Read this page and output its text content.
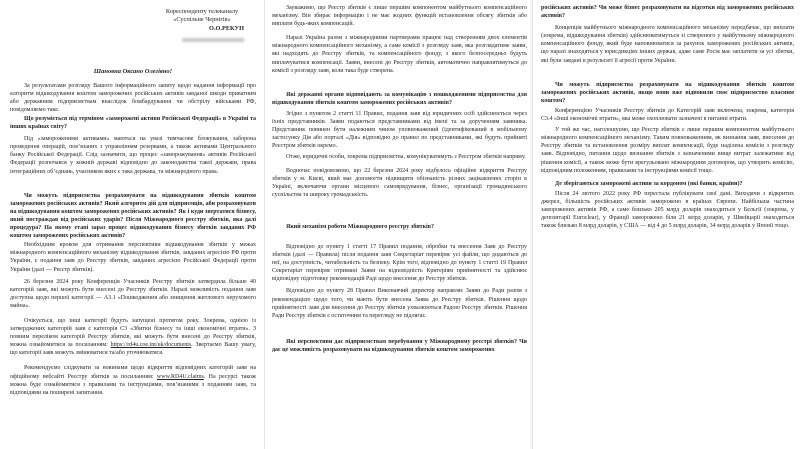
Кореспонденту телеканалу
«Суспільне Чернігів»
О.О.РЕКУН

Шановна Оксано Олегівно!

За результатами розгляду Вашого інформаційного запиту щодо надання інформації про алгоритм відшкодування коштом заморожених російських активів завданої шкоди приватним або державним підприємствам внаслідок бомбардування чи обстрілу військами РФ, повідомляємо таке.

Що розуміється під терміном «заморожені активи Російської Федерації» в Україні та інших країнах світу?

Під «замороженими активами» маються на увазі тимчасове блокування, заборона проведення операцій, пов’язаних з управлінням резервами, а також активами Центрального банку Російської Федерації. Слід зазначити, що процес «заморожування» активів Російської Федерації розпочався у кожній державі відповідно до законодавства такої держави, права інтеграційних об’єднань, учасником яких є така держава, та міжнародного права.

Чи можуть підприємства розраховувати на відшкодування збитків коштом заморожених російських активів? Який алгоритм дій для підприємців, аби розраховувати на відшкодування коштом заморожених російських активів? Як і куди звертатися бізнесу, який постраждав від російських ударів? Після Міжнародного реєстру збитків, яка далі процедура? На якому етапі зараз процес відшкодування бізнесу збитків завданих РФ коштом заморожених російських активів?

Необхідним кроком для отримання перспективи відшкодування збитків у межах міжнародного компенсаційного механізму відшкодування збитків, завданих агресією РФ проти України, є подання заяв до Реєстру збитків, завданих агресією Російської Федерації проти України (далі — Реєстр збитків).

26 березня 2024 року Конференція Учасників Реєстру збитків затвердила більше 40 категорій заяв, які можуть бути внесені до Реєстру збитків. Наразі можливість подання заяв доступна щодо першої категорії — А3.1 «Пошкодження або знищення житлового нерухомого майна».

Очікується, що інші категорії будуть запущені протягом року. Зокрема, однією із затверджених категорій заяв є категорія С3 «Збитки бізнесу та інші економічні втрати». З повним переліком категорій Реєстру збитків, які можуть бути внесені до Реєстру збитків, можна ознайомитися за посиланням: https://rd4u.coe.int/uk/documents. Звертаємо Вашу увагу, що категорії заяв можуть змінюватися та/або уточнюватися.

Рекомендуємо слідкувати за новинами щодо відкриття відповідних категорій заяв на офіційному вебсайті Реєстру збитків за посиланням: www.RD4U.claims. На ресурсі також можна буде ознайомитися з правилами та інструкціями, пов’язаними з поданням заяв, та відповідями на поширені запитання.

Зауважимо, що Реєстр збитків є лише першим компонентом майбутнього компенсаційного механізму. Він збирає інформацію і не має жодних функцій встановлення обсягу збитків або виплати будь-яких компенсацій.

Наразі Україна разом з міжнародними партнерами працює над створенням двох елементів міжнародного компенсаційного механізму, а саме комісії з розгляду заяв, яка розглядатиме заяви, які надходять до Реєстру збитків, та компенсаційного фонду, з якого безпосередньо будуть виплачуватися компенсації. Заяви, внесені до Реєстру збитків, автоматично направлятимуться до комісії з розгляду заяв, коли така буде створена.

Які державні органи відповідають за комунікацію з пошкодженими підприємства для відшкодування збитків коштом заморожених російських активів?

Згідно з пунктом 2 статті 11 Правил, подання заяв від юридичних осіб здійснюється через їхніх представників. Заяви подаються представниками від імені та за дорученням заявника. Представник повинен бути належним чином уповноважений (ідентифікований в мобільному застосунку Дія або порталі «Дія» відповідно до правил по представниками, які будуть прийняті Реєстром збитків окремо.

Отже, юридичні особи, зокрема підприємства, комунікуватимуть з Реєстром збитків напряму.

Водночас повідомляємо, що 22 березня 2024 року відбулось офіційне відкриття Реєстру збитків у м. Києві, який має допомогти підвищити обізнаність різних зацікавлених сторін в Україні, включаючи органи місцевого самоврядування, бізнес, організації громадянського суспільства та широку громадськість.

Який механізм роботи Міжнародного реєстру збитків?

Відповідно до пункту 1 статті 17 Правил подання, обробки та внесення Заяв до Реєстру збитків (далі — Правила) після подання заяв Секретаріат перевіряє усі файли, що додаються до неї, на доступність, читабельність та безпеку. Крім того, відповідно до пункту 1 статті 19 Правил Секретаріат перевіряє отримані Заяви на відповідність Критеріям прийнятності та здійснює відповідну підготовку рекомендацій Раді щодо внесення до Реєстру збитків.

Відповідно до пункту 28 Правил Виконавчий директор направляє Заяви до Ради разом з рекомендацією щодо того, чи мають бути внесена Заява до Реєстру збитків. Рішення щодо прийнятності заяв для внесення до Реєстру збитків ухвалюються Радою Реєстру збитків. Рішення Ради Реєстру збитків є остаточним та перегляду не підлягає.

Які перспективи дає підприємствам перебування у Міжнародному реєстрі збитків? Чи дає це можливість розраховувати на відшкодування збитків коштом заморожених

російських активів? Чи може бізнес розраховувати на відсотки від заморожених російських активів?

Концепція майбутнього міжнародного компенсаційного механізму передбачає, що виплати (зокрема, відшкодування збитків) здійснюватимуться зі створеного у майбутньому міжнародного компенсаційного фонду, який буде наповнюватися за рахунок заморожених російських активів, що наразі знаходяться у юрисдикціях інших держав, адже саме Росія має заплатити за усі збитки, які були завдані в результаті її агресії проти України.

Чи можуть підприємства розраховувати на відшкодування збитків коштом заморожених російських активів, якщо вони вже відновили своє підприємство власним коштом?

Конференцією Учасників Реєстру збитків до Категорій заяв включена, зокрема, категорія С3.4 «Інші економічні втрати», яка може охоплювати зазначені в питанні втрати.

У той же час, наголошуємо, що Реєстр збитків є лише першим компонентом майбутнього міжнародного компенсаційного механізму. Таким повноваженням, як визнання заяв, внесення до Реєстру збитків та встановлення розміру виплат компенсації, буде наділена комісія з розгляду заяв. Відповідно, питання щодо визнання збитків з зазначеними вище витрат залежатиме від рішення комісії, а також може бути врегульовано міжнародним договором, що утворить комісію, відповідним положенням, правилами та інструкціями комісії тощо.

Де зберігаються заморожені активи за кордоном (які банки, країни)?

Після 24 лютого 2022 року РФ перестала публікувати свої дані. Виходячи з відкритих джерел, більшість російських активів заморожено в країнах Європи. Найбільша частина заморожених активів РФ, а саме близько 205 млрд доларів знаходиться у Бельгії (зокрема, у депозитарії Euroclear), у Франції заморожено біля 21 млрд доларів, у Швейцарії знаходиться також близько 8 млрд доларів, у США — від 4 до 5 млрд доларів, 34 млрд доларів у Японії тощо.
